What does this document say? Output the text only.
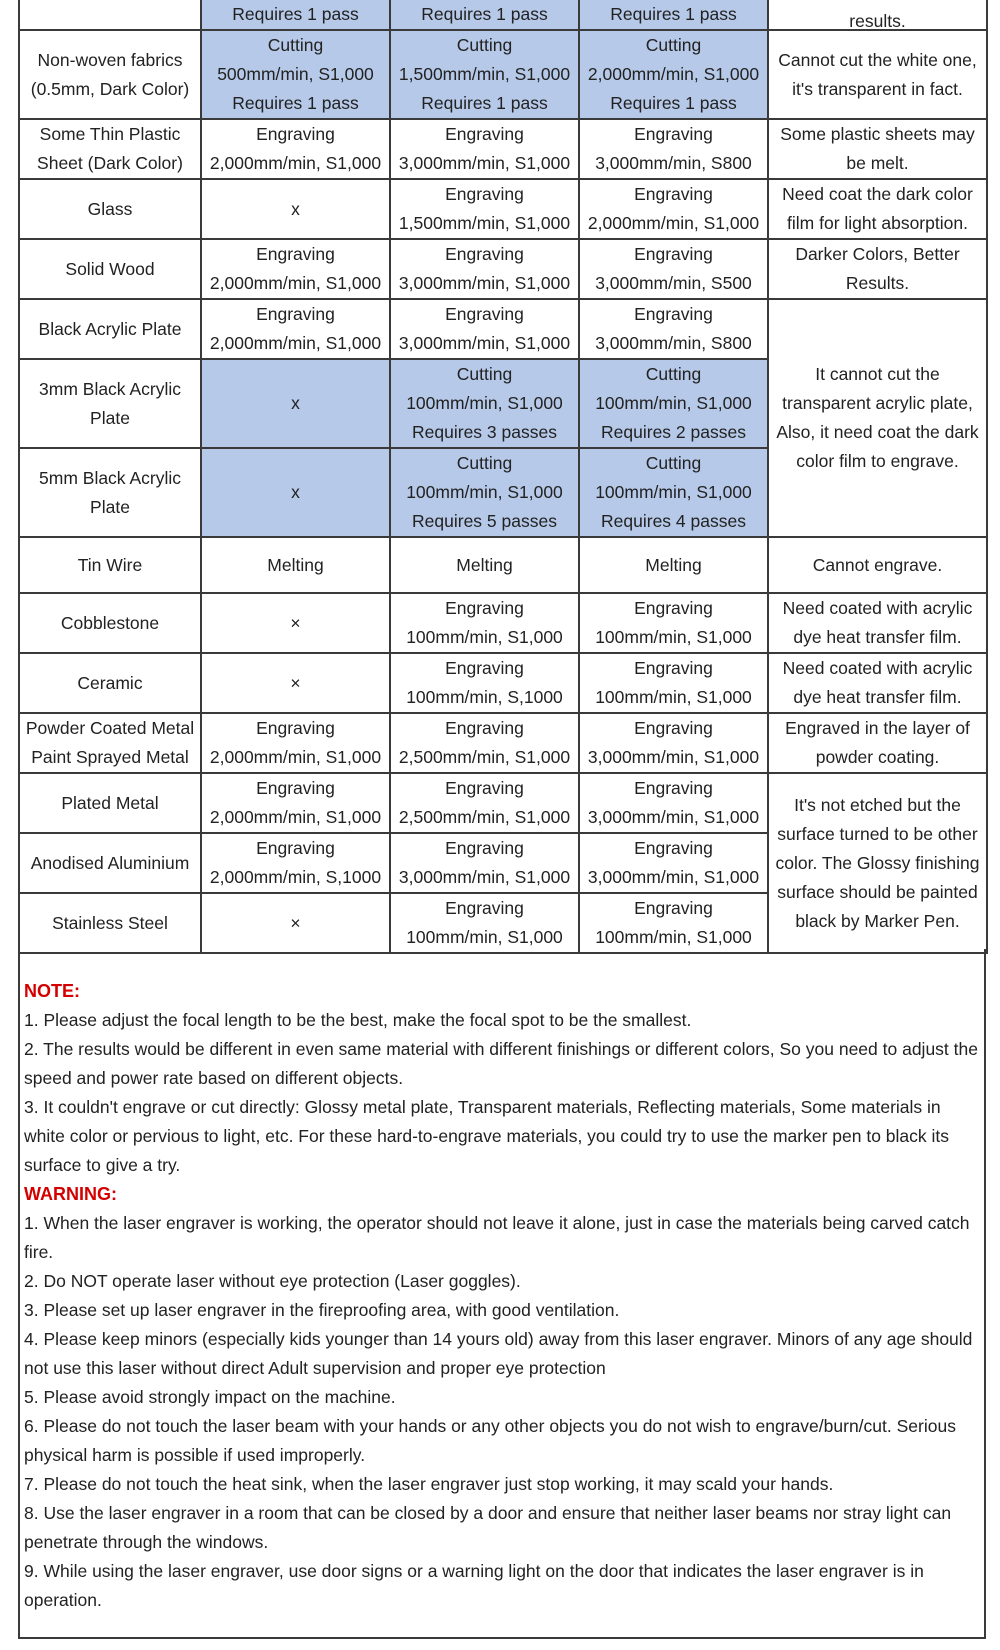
	Requires 1 pass	Requires 1 pass	Requires 1 pass	results.

Non-woven fabrics
(0.5mm, Dark Color)	Cutting
500mm/min, S1,000
Requires 1 pass	Cutting
1,500mm/min, S1,000
Requires 1 pass	Cutting
2,000mm/min, S1,000
Requires 1 pass	Cannot cut the white one,
it's transparent in fact.

Some Thin Plastic
Sheet (Dark Color)	Engraving
2,000mm/min, S1,000	Engraving
3,000mm/min, S1,000	Engraving
3,000mm/min, S800	Some plastic sheets may
be melt.

Glass	x	Engraving
1,500mm/min, S1,000	Engraving
2,000mm/min, S1,000	Need coat the dark color
film for light absorption.

Solid Wood	Engraving
2,000mm/min, S1,000	Engraving
3,000mm/min, S1,000	Engraving
3,000mm/min, S500	Darker Colors, Better
Results.

Black Acrylic Plate	Engraving
2,000mm/min, S1,000	Engraving
3,000mm/min, S1,000	Engraving
3,000mm/min, S800	It cannot cut the
transparent acrylic plate,
Also, it need coat the dark
color film to engrave.

3mm Black Acrylic
Plate	x	Cutting
100mm/min, S1,000
Requires 3 passes	Cutting
100mm/min, S1,000
Requires 2 passes	

5mm Black Acrylic
Plate	x	Cutting
100mm/min, S1,000
Requires 5 passes	Cutting
100mm/min, S1,000
Requires 4 passes	

Tin Wire	Melting	Melting	Melting	Cannot engrave.

Cobblestone	×	Engraving
100mm/min, S1,000	Engraving
100mm/min, S1,000	Need coated with acrylic
dye heat transfer film.

Ceramic	×	Engraving
100mm/min, S,1000	Engraving
100mm/min, S1,000	Need coated with acrylic
dye heat transfer film.

Powder Coated Metal
Paint Sprayed Metal	Engraving
2,000mm/min, S1,000	Engraving
2,500mm/min, S1,000	Engraving
3,000mm/min, S1,000	Engraved in the layer of
powder coating.

Plated Metal	Engraving
2,000mm/min, S1,000	Engraving
2,500mm/min, S1,000	Engraving
3,000mm/min, S1,000	It's not etched but the
surface turned to be other
color. The Glossy finishing
surface should be painted
black by Marker Pen.

Anodised Aluminium	Engraving
2,000mm/min, S,1000	Engraving
3,000mm/min, S1,000	Engraving
3,000mm/min, S1,000	

Stainless Steel	×	Engraving
100mm/min, S1,000	Engraving
100mm/min, S1,000	
NOTE:
1. Please adjust the focal length to be the best, make the focal spot to be the smallest.
2. The results would be different in even same material with different finishings or different colors, So you need to adjust the speed and power rate based on different objects.
3. It couldn't engrave or cut directly: Glossy metal plate, Transparent materials, Reflecting materials, Some materials in white color or pervious to light, etc. For these hard-to-engrave materials, you could try to use the marker pen to black its surface to give a try.
WARNING:
1. When the laser engraver is working, the operator should not leave it alone, just in case the materials being carved catch fire.
2. Do NOT operate laser without eye protection (Laser goggles).
3. Please set up laser engraver in the fireproofing area, with good ventilation.
4. Please keep minors (especially kids younger than 14 yours old) away from this laser engraver. Minors of any age should not use this laser without direct Adult supervision and proper eye protection
5. Please avoid strongly impact on the machine.
6. Please do not touch the laser beam with your hands or any other objects you do not wish to engrave/burn/cut. Serious physical harm is possible if used improperly.
7. Please do not touch the heat sink, when the laser engraver just stop working, it may scald your hands.
8. Use the laser engraver in a room that can be closed by a door and ensure that neither laser beams nor stray light can penetrate through the windows.
9. While using the laser engraver, use door signs or a warning light on the door that indicates the laser engraver is in operation.
